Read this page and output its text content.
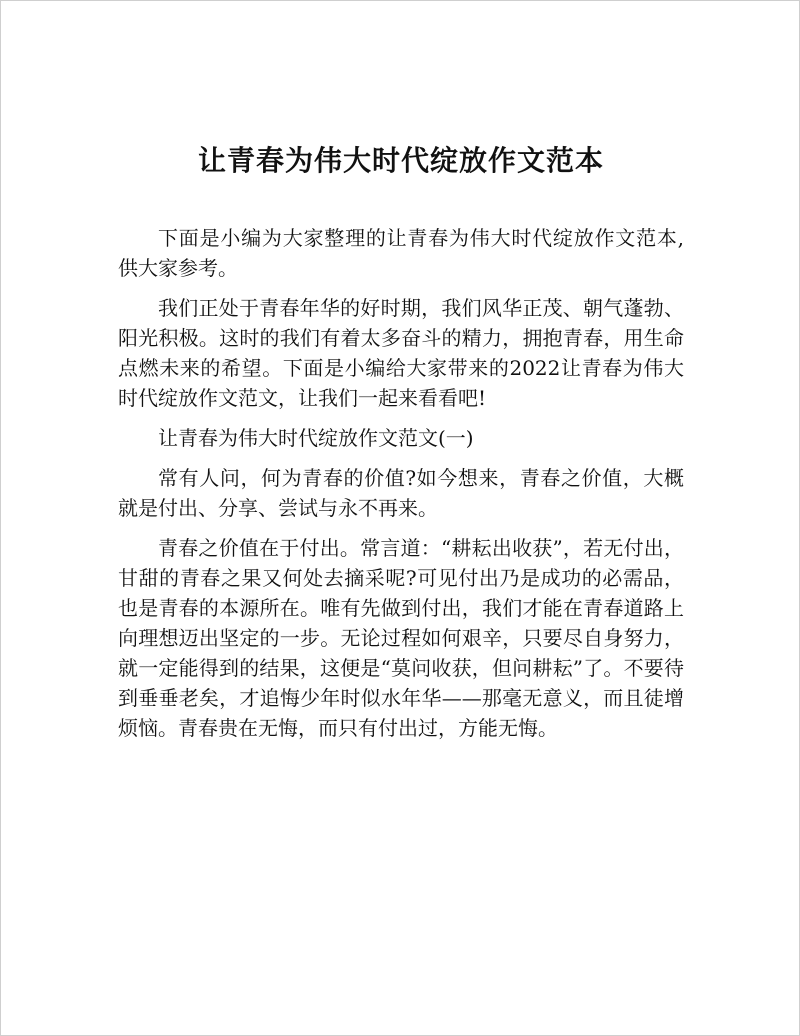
让青春为伟大时代绽放作文范本

下面是小编为大家整理的让青春为伟大时代绽放作文范本,供大家参考。

我们正处于青春年华的好时期，我们风华正茂、朝气蓬勃、阳光积极。这时的我们有着太多奋斗的精力，拥抱青春，用生命点燃未来的希望。下面是小编给大家带来的2022让青春为伟大时代绽放作文范文，让我们一起来看看吧!

让青春为伟大时代绽放作文范文(一)

常有人问，何为青春的价值?如今想来，青春之价值，大概就是付出、分享、尝试与永不再来。

青春之价值在于付出。常言道：“耕耘出收获”，若无付出，甘甜的青春之果又何处去摘采呢?可见付出乃是成功的必需品，也是青春的本源所在。唯有先做到付出，我们才能在青春道路上向理想迈出坚定的一步。无论过程如何艰辛，只要尽自身努力，就一定能得到的结果，这便是“莫问收获，但问耕耘”了。不要待到垂垂老矣，才追悔少年时似水年华——那毫无意义，而且徒增烦恼。青春贵在无悔，而只有付出过，方能无悔。
